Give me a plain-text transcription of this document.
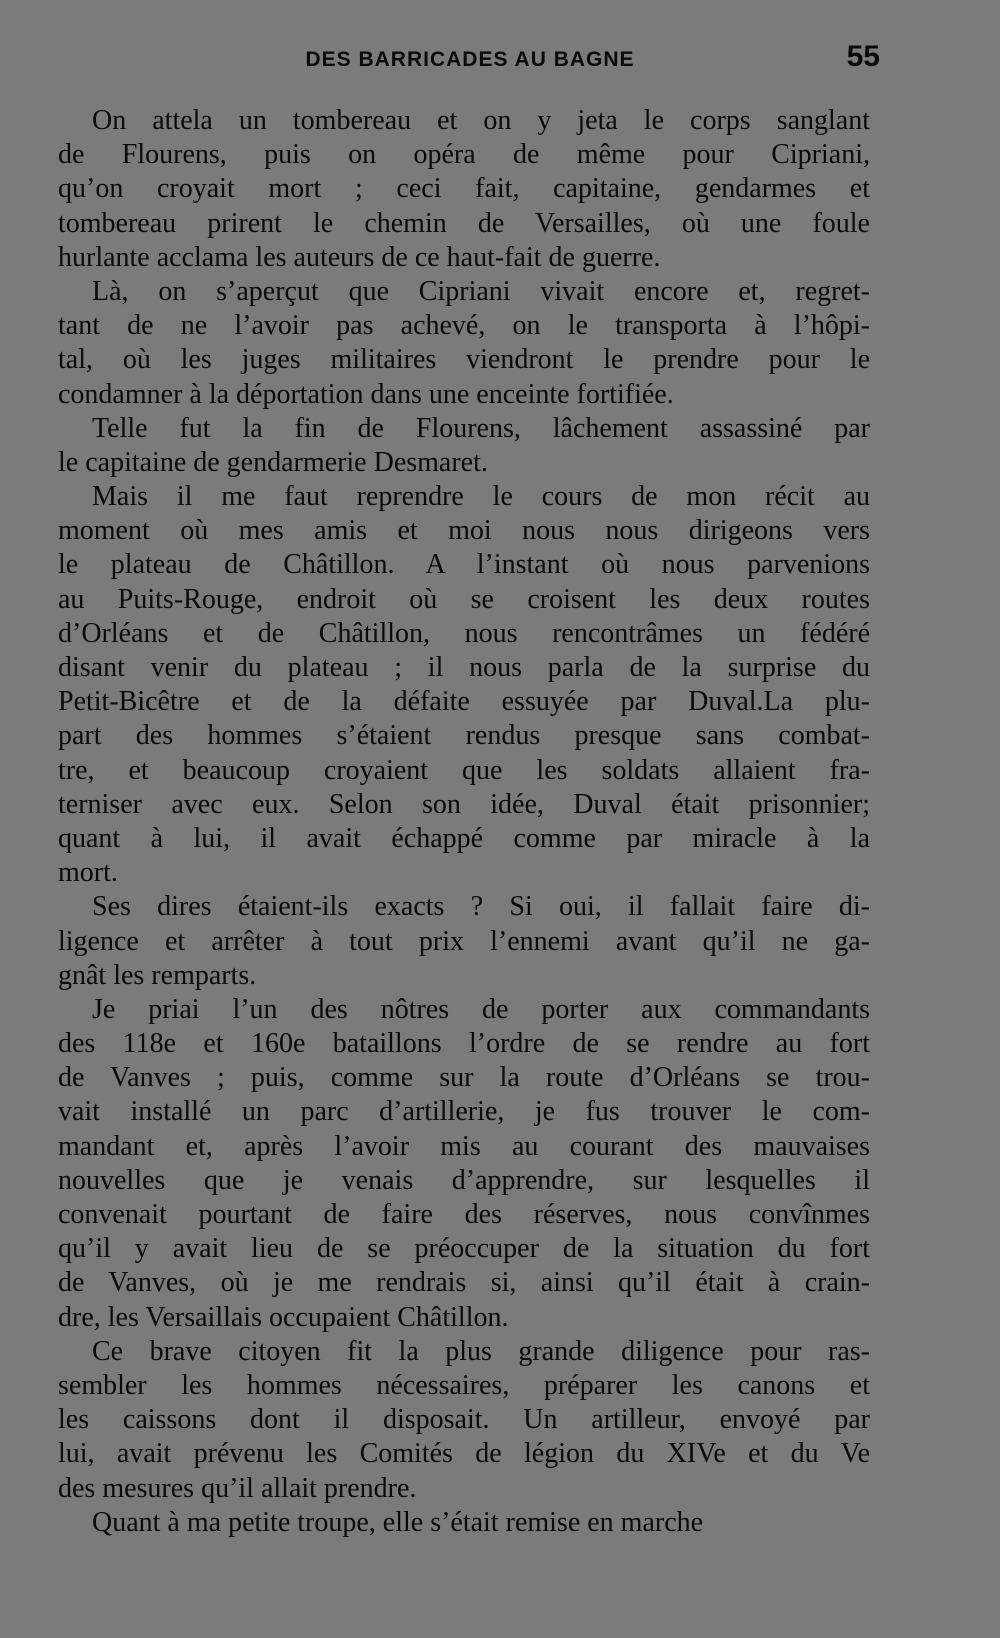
DES BARRICADES AU BAGNE	55
On attela un tombereau et on y jeta le corps sanglant
de Flourens, puis on opéra de même pour Cipriani,
qu’on croyait mort ; ceci fait, capitaine, gendarmes et
tombereau prirent le chemin de Versailles, où une foule
hurlante acclama les auteurs de ce haut-fait de guerre.
Là, on s’aperçut que Cipriani vivait encore et, regret-
tant de ne l’avoir pas achevé, on le transporta à l’hôpi-
tal, où les juges militaires viendront le prendre pour le
condamner à la déportation dans une enceinte fortifiée.
Telle fut la fin de Flourens, lâchement assassiné par
le capitaine de gendarmerie Desmaret.
Mais il me faut reprendre le cours de mon récit au
moment où mes amis et moi nous nous dirigeons vers
le plateau de Châtillon. A l’instant où nous parvenions
au Puits-Rouge, endroit où se croisent les deux routes
d’Orléans et de Châtillon, nous rencontrâmes un fédéré
disant venir du plateau ; il nous parla de la surprise du
Petit-Bicêtre et de la défaite essuyée par Duval.La plu-
part des hommes s’étaient rendus presque sans combat-
tre, et beaucoup croyaient que les soldats allaient fra-
terniser avec eux. Selon son idée, Duval était prisonnier;
quant à lui, il avait échappé comme par miracle à la
mort.
Ses dires étaient-ils exacts ? Si oui, il fallait faire di-
ligence et arrêter à tout prix l’ennemi avant qu’il ne ga-
gnât les remparts.
Je priai l’un des nôtres de porter aux commandants
des 118e et 160e bataillons l’ordre de se rendre au fort
de Vanves ; puis, comme sur la route d’Orléans se trou-
vait installé un parc d’artillerie, je fus trouver le com-
mandant et, après l’avoir mis au courant des mauvaises
nouvelles que je venais d’apprendre, sur lesquelles il
convenait pourtant de faire des réserves, nous convînmes
qu’il y avait lieu de se préoccuper de la situation du fort
de Vanves, où je me rendrais si, ainsi qu’il était à crain-
dre, les Versaillais occupaient Châtillon.
Ce brave citoyen fit la plus grande diligence pour ras-
sembler les hommes nécessaires, préparer les canons et
les caissons dont il disposait. Un artilleur, envoyé par
lui, avait prévenu les Comités de légion du XIVe et du Ve
des mesures qu’il allait prendre.
Quant à ma petite troupe, elle s’était remise en marche
